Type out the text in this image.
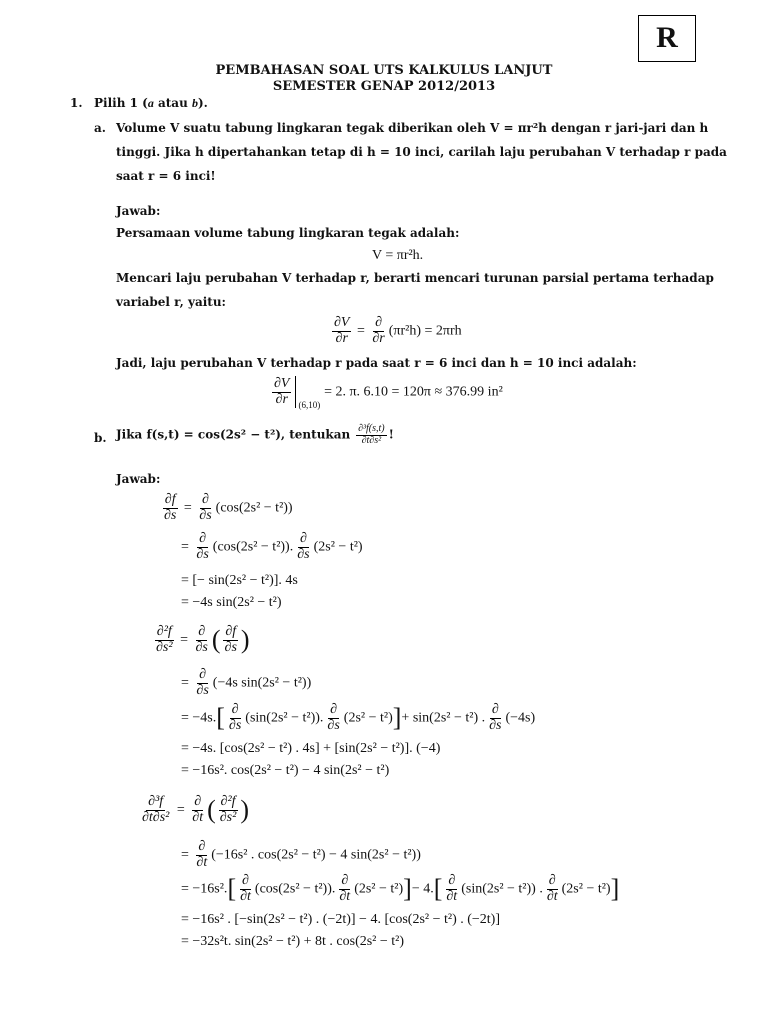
R
PEMBAHASAN SOAL UTS KALKULUS LANJUT
SEMESTER GENAP 2012/2013
1. Pilih 1 (a atau b).
a. Volume V suatu tabung lingkaran tegak diberikan oleh V = πr²h dengan r jari-jari dan h
tinggi. Jika h dipertahankan tetap di h = 10 inci, carilah laju perubahan V terhadap r pada
saat r = 6 inci!
Jawab:
Persamaan volume tabung lingkaran tegak adalah:
V = πr²h.
Mencari laju perubahan V terhadap r, berarti mencari turunan parsial pertama terhadap
variabel r, yaitu:
$\frac{\partial V}{\partial r} = \frac{\partial}{\partial r} (\pi r^2h) = 2\pi rh$
Jadi, laju perubahan V terhadap r pada saat r = 6 inci dan h = 10 inci adalah:
$\frac{\partial V}{\partial r} _{(6,10)} = 2$. π. 6.10 = 120π ≈ 376.99 in²
b. Jika f(s,t) = cos(2s² − t²), tentukan $\frac{\text{∂³f(s,t)}}{\text{∂t∂s²}}$ !
Jawab:
$\frac{\partial f}{\partial s} = \frac{\partial}{\partial s} (\cos(2s^2 - t^2))$
= $\frac{\partial}{\partial s} (\cos(2s^2 - t^2))$. $\frac{\partial}{\partial s} (2s^2 - t^2)$
= [− sin(2s² − t²)]. 4s
= −4s sin(2s² − t²)
$\frac{\text{∂²f}}{\text{∂s²}} = \frac{\partial}{\partial s}$ ( $\frac{\partial f}{\partial s}$ )
= $\frac{\partial}{\partial s} (-4s$ sin(2s² − t²))
= $-4s.[ \frac{\partial}{\partial s} (\sin(2s^2 - t^2))$. $\frac{\partial}{\partial s} (2s^2 - t^2)]+ \sin(2s^2 - t^2)$ . $\frac{\partial}{\partial s} (-4s)$
= −4s. [cos(2s² − t²) . 4s] + [sin(2s² − t²)]. (−4)
= −16s². cos(2s² − t²) − 4 sin(2s² − t²)
$\frac{\text{∂³f}}{\text{∂t∂s²}} = \frac{\partial}{\partial t}$ ( $\frac{\text{∂²f}}{\text{∂s²}}$ )
= $\frac{\partial}{\partial t} (-16s^2$ . cos(2s² − t²) − 4 sin(2s² − t²))
= $-16s^2.[ \frac{\partial}{\partial t} (\cos(2s^2 - t^2))$. $\frac{\partial}{\partial t} (2s^2 - t^2)]- 4.[ \frac{\partial}{\partial t} (\sin(2s^2 - t^2))$ . $\frac{\partial}{\partial t} (2s^2 - t^2)$]
= −16s² . [−sin(2s² − t²) . (−2t)] − 4. [cos(2s² − t²) . (−2t)]
= −32s²t. sin(2s² − t²) + 8t . cos(2s² − t²)
